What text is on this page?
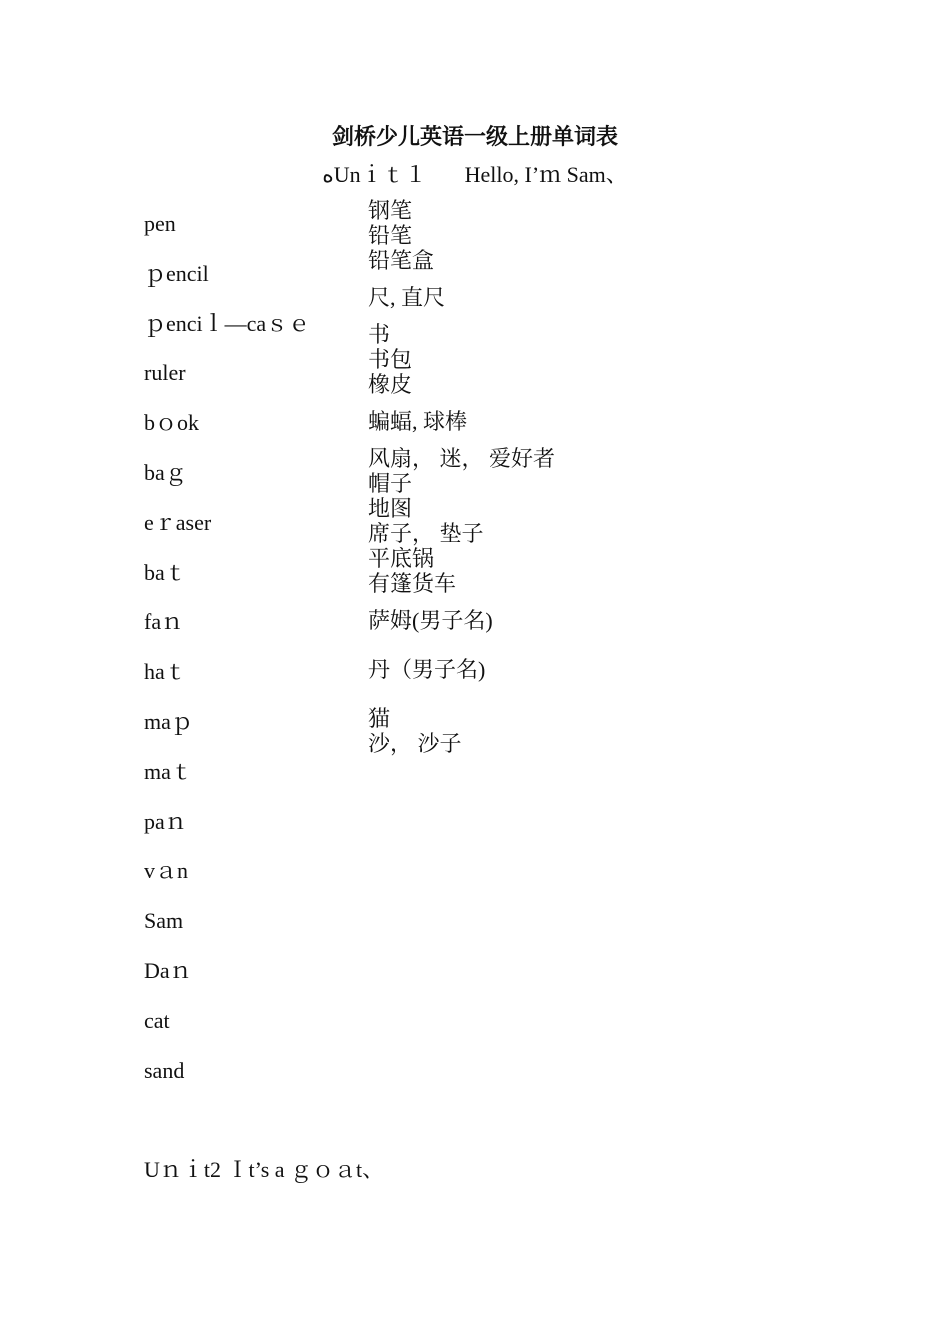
剑桥少儿英语一级上册单词表
ﻩUnｉｔ１ Hello, I’ｍ Sam、
pen
ｐencil
ｐenciｌ—caｓｅ
ruler
bｏok
baｇ
eｒaser
baｔ
faｎ
haｔ
maｐ
maｔ
paｎ
vａn
Sam
Daｎ
cat
sand
钢笔
铅笔
铅笔盒
尺, 直尺
书
书包
橡皮
蝙蝠, 球棒
风扇， 迷， 爱好者
帽子
地图
席子， 垫子
平底锅
有篷货车
萨姆(男子名)
丹（男子名)
猫
沙， 沙子
Uｎｉt2 Ｉt’s a ｇｏａt、
